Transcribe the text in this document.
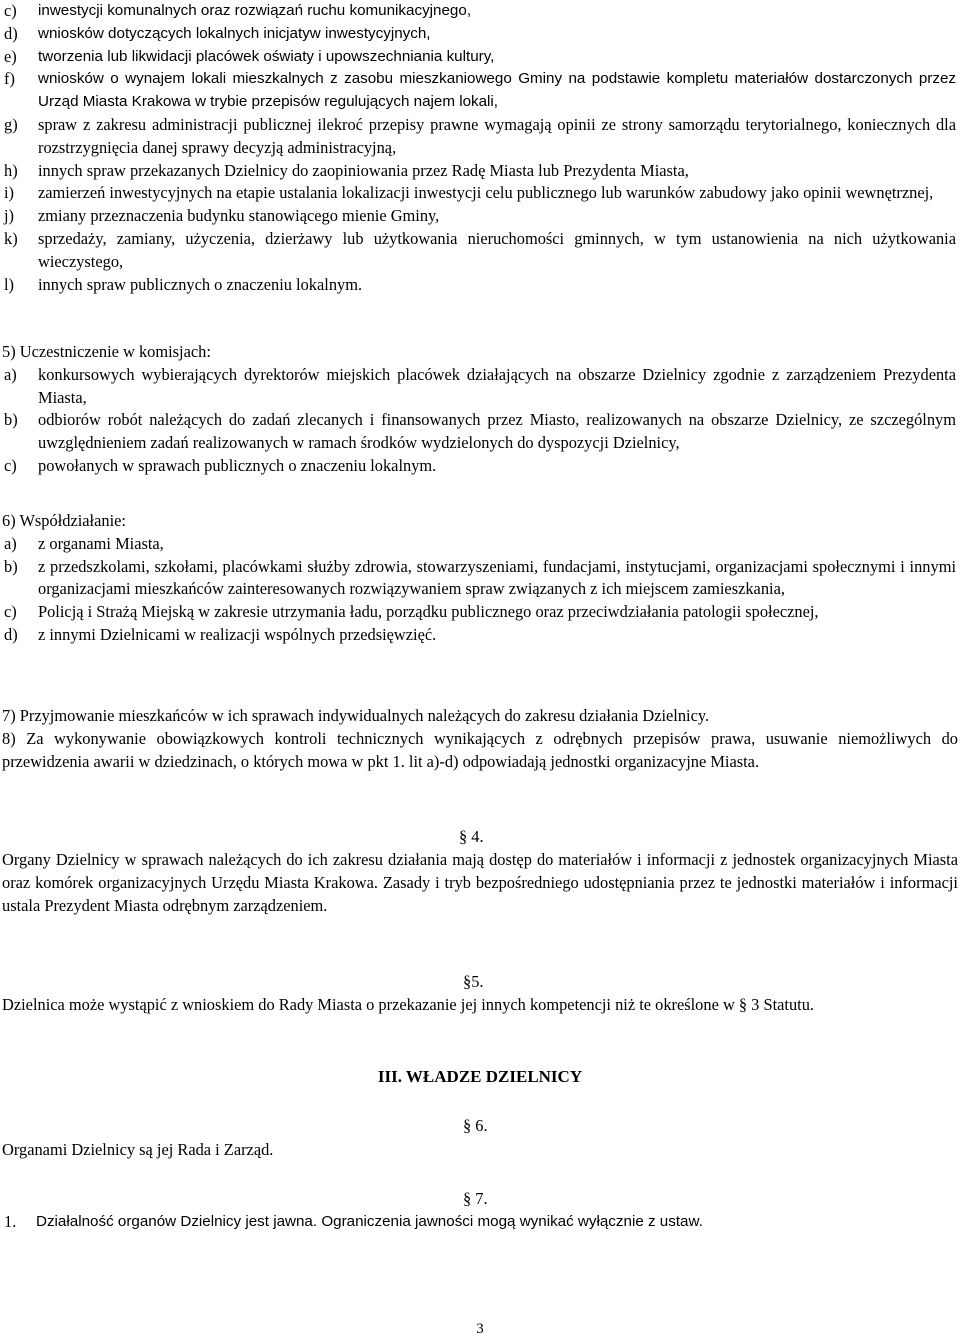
c)	inwestycji komunalnych oraz rozwiązań ruchu komunikacyjnego,
d)	wniosków dotyczących lokalnych inicjatyw inwestycyjnych,
e)	tworzenia lub likwidacji placówek oświaty i upowszechniania kultury,
f)	wniosków o wynajem lokali mieszkalnych z zasobu mieszkaniowego Gminy na podstawie kompletu materiałów dostarczonych przez Urząd Miasta Krakowa w trybie przepisów regulujących najem lokali,
g)	spraw z zakresu administracji publicznej ilekroć przepisy prawne wymagają opinii ze strony samorządu terytorialnego, koniecznych dla rozstrzygnięcia danej sprawy decyzją administracyjną,
h)	innych spraw przekazanych Dzielnicy do zaopiniowania przez Radę Miasta lub Prezydenta Miasta,
i)	zamierzeń inwestycyjnych na etapie ustalania lokalizacji inwestycji celu publicznego lub warunków zabudowy jako opinii wewnętrznej,
j)	zmiany przeznaczenia budynku stanowiącego mienie Gminy,
k)	sprzedaży, zamiany, użyczenia, dzierżawy lub użytkowania nieruchomości gminnych, w tym ustanowienia na nich użytkowania wieczystego,
l)	innych spraw publicznych o znaczeniu lokalnym.
5) Uczestniczenie w komisjach:
a)	konkursowych wybierających dyrektorów miejskich placówek działających na obszarze Dzielnicy zgodnie z zarządzeniem Prezydenta Miasta,
b)	odbiorów robót należących do zadań zlecanych i finansowanych przez Miasto, realizowanych na obszarze Dzielnicy, ze szczególnym uwzględnieniem zadań realizowanych w ramach środków wydzielonych do dyspozycji Dzielnicy,
c)	powołanych w sprawach publicznych o znaczeniu lokalnym.
6) Współdziałanie:
a)	z organami Miasta,
b)	z przedszkolami, szkołami, placówkami służby zdrowia, stowarzyszeniami, fundacjami, instytucjami, organizacjami społecznymi i innymi organizacjami mieszkańców zainteresowanych rozwiązywaniem spraw związanych z ich miejscem zamieszkania,
c)	Policją i Strażą Miejską w zakresie utrzymania ładu, porządku publicznego oraz przeciwdziałania patologii społecznej,
d)	z innymi Dzielnicami w realizacji wspólnych przedsięwzięć.
7) Przyjmowanie mieszkańców w ich sprawach indywidualnych należących do zakresu działania Dzielnicy.
8) Za wykonywanie obowiązkowych kontroli technicznych wynikających z odrębnych przepisów prawa, usuwanie niemożliwych do przewidzenia awarii w dziedzinach, o których mowa w pkt 1. lit a)-d) odpowiadają jednostki organizacyjne Miasta.
§ 4.
Organy Dzielnicy w sprawach należących do ich zakresu działania mają dostęp do materiałów i informacji z jednostek organizacyjnych Miasta oraz komórek organizacyjnych Urzędu Miasta Krakowa. Zasady i tryb bezpośredniego udostępniania przez te jednostki materiałów i informacji ustala Prezydent Miasta odrębnym zarządzeniem.
§5.
Dzielnica może wystąpić z wnioskiem do Rady Miasta o przekazanie jej innych kompetencji niż te określone w § 3 Statutu.
III. WŁADZE DZIELNICY
§ 6.
Organami Dzielnicy są jej Rada i Zarząd.
§ 7.
1.	Działalność organów Dzielnicy jest jawna. Ograniczenia jawności mogą wynikać wyłącznie z ustaw.
3
